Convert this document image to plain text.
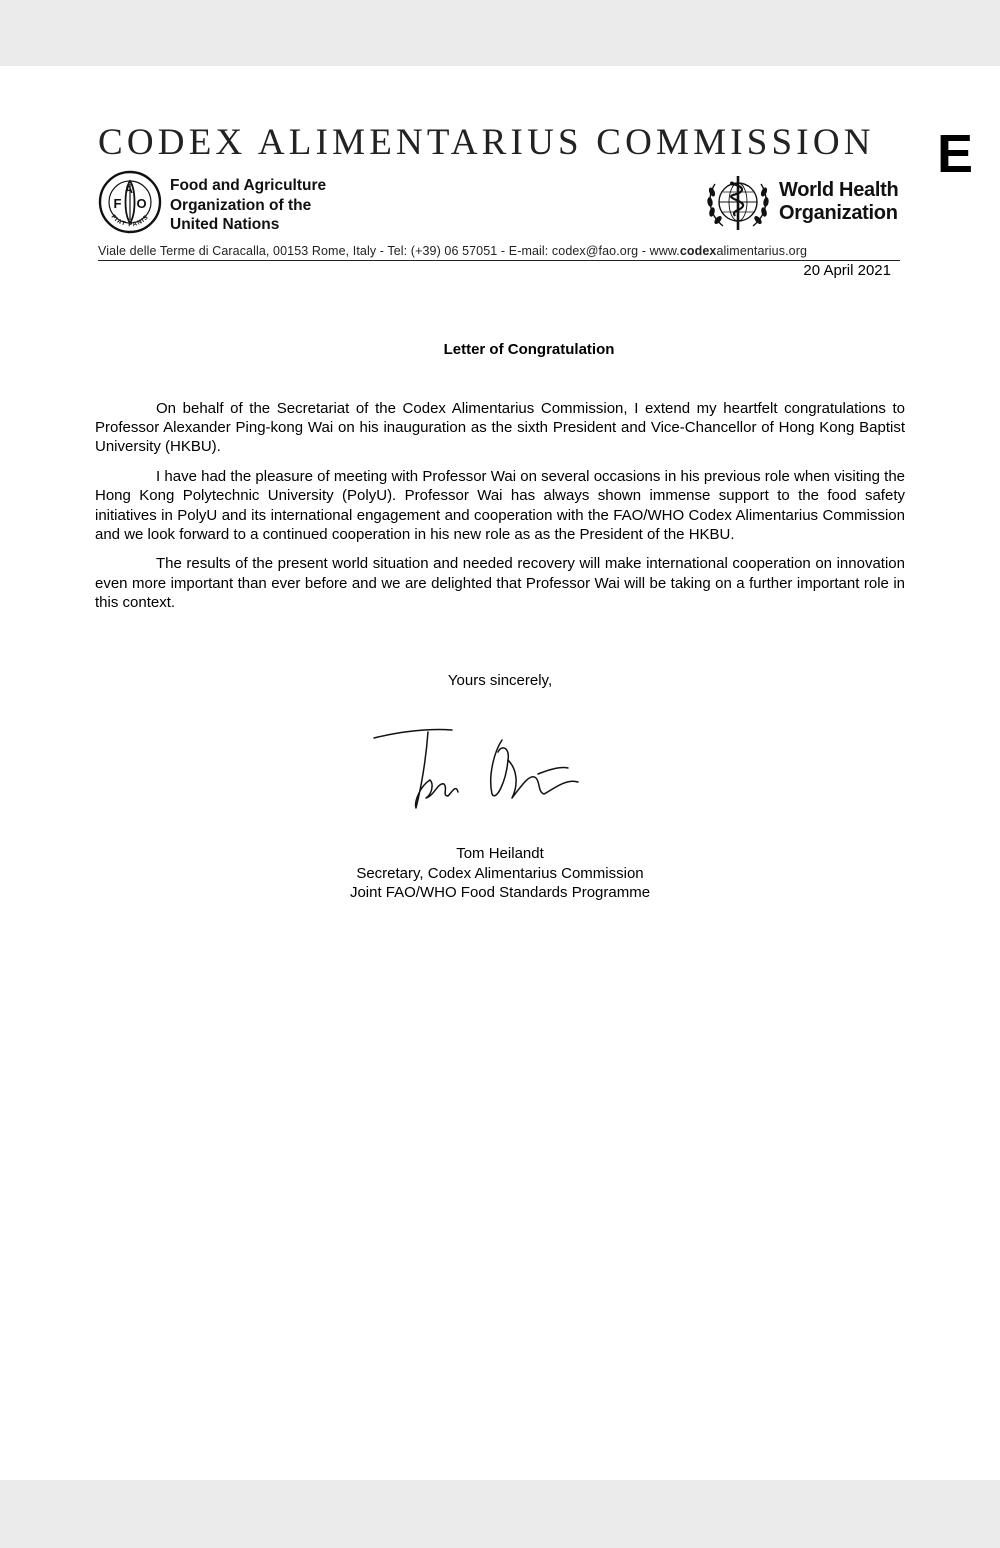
E
CODEX ALIMENTARIUS COMMISSION
F
A
O
FIAT PANIS
Food and Agriculture
Organization of the
United Nations
World Health
Organization
Viale delle Terme di Caracalla, 00153 Rome, Italy - Tel: (+39) 06 57051 - E-mail: codex@fao.org - www.codexalimentarius.org
20 April 2021
Letter of Congratulation

On behalf of the Secretariat of the Codex Alimentarius Commission, I extend my heartfelt congratulations to Professor Alexander Ping-kong Wai on his inauguration as the sixth President and Vice-Chancellor of Hong Kong Baptist University (HKBU).

I have had the pleasure of meeting with Professor Wai on several occasions in his previous role when visiting the Hong Kong Polytechnic University (PolyU). Professor Wai has always shown immense support to the food safety initiatives in PolyU and its international engagement and cooperation with the FAO/WHO Codex Alimentarius Commission and we look forward to a continued cooperation in his new role as as the President of the HKBU.

The results of the present world situation and needed recovery will make international cooperation on innovation even more important than ever before and we are delighted that Professor Wai will be taking on a further important role in this context.

Yours sincerely,
Tom Heilandt
Secretary, Codex Alimentarius Commission
Joint FAO/WHO Food Standards Programme
